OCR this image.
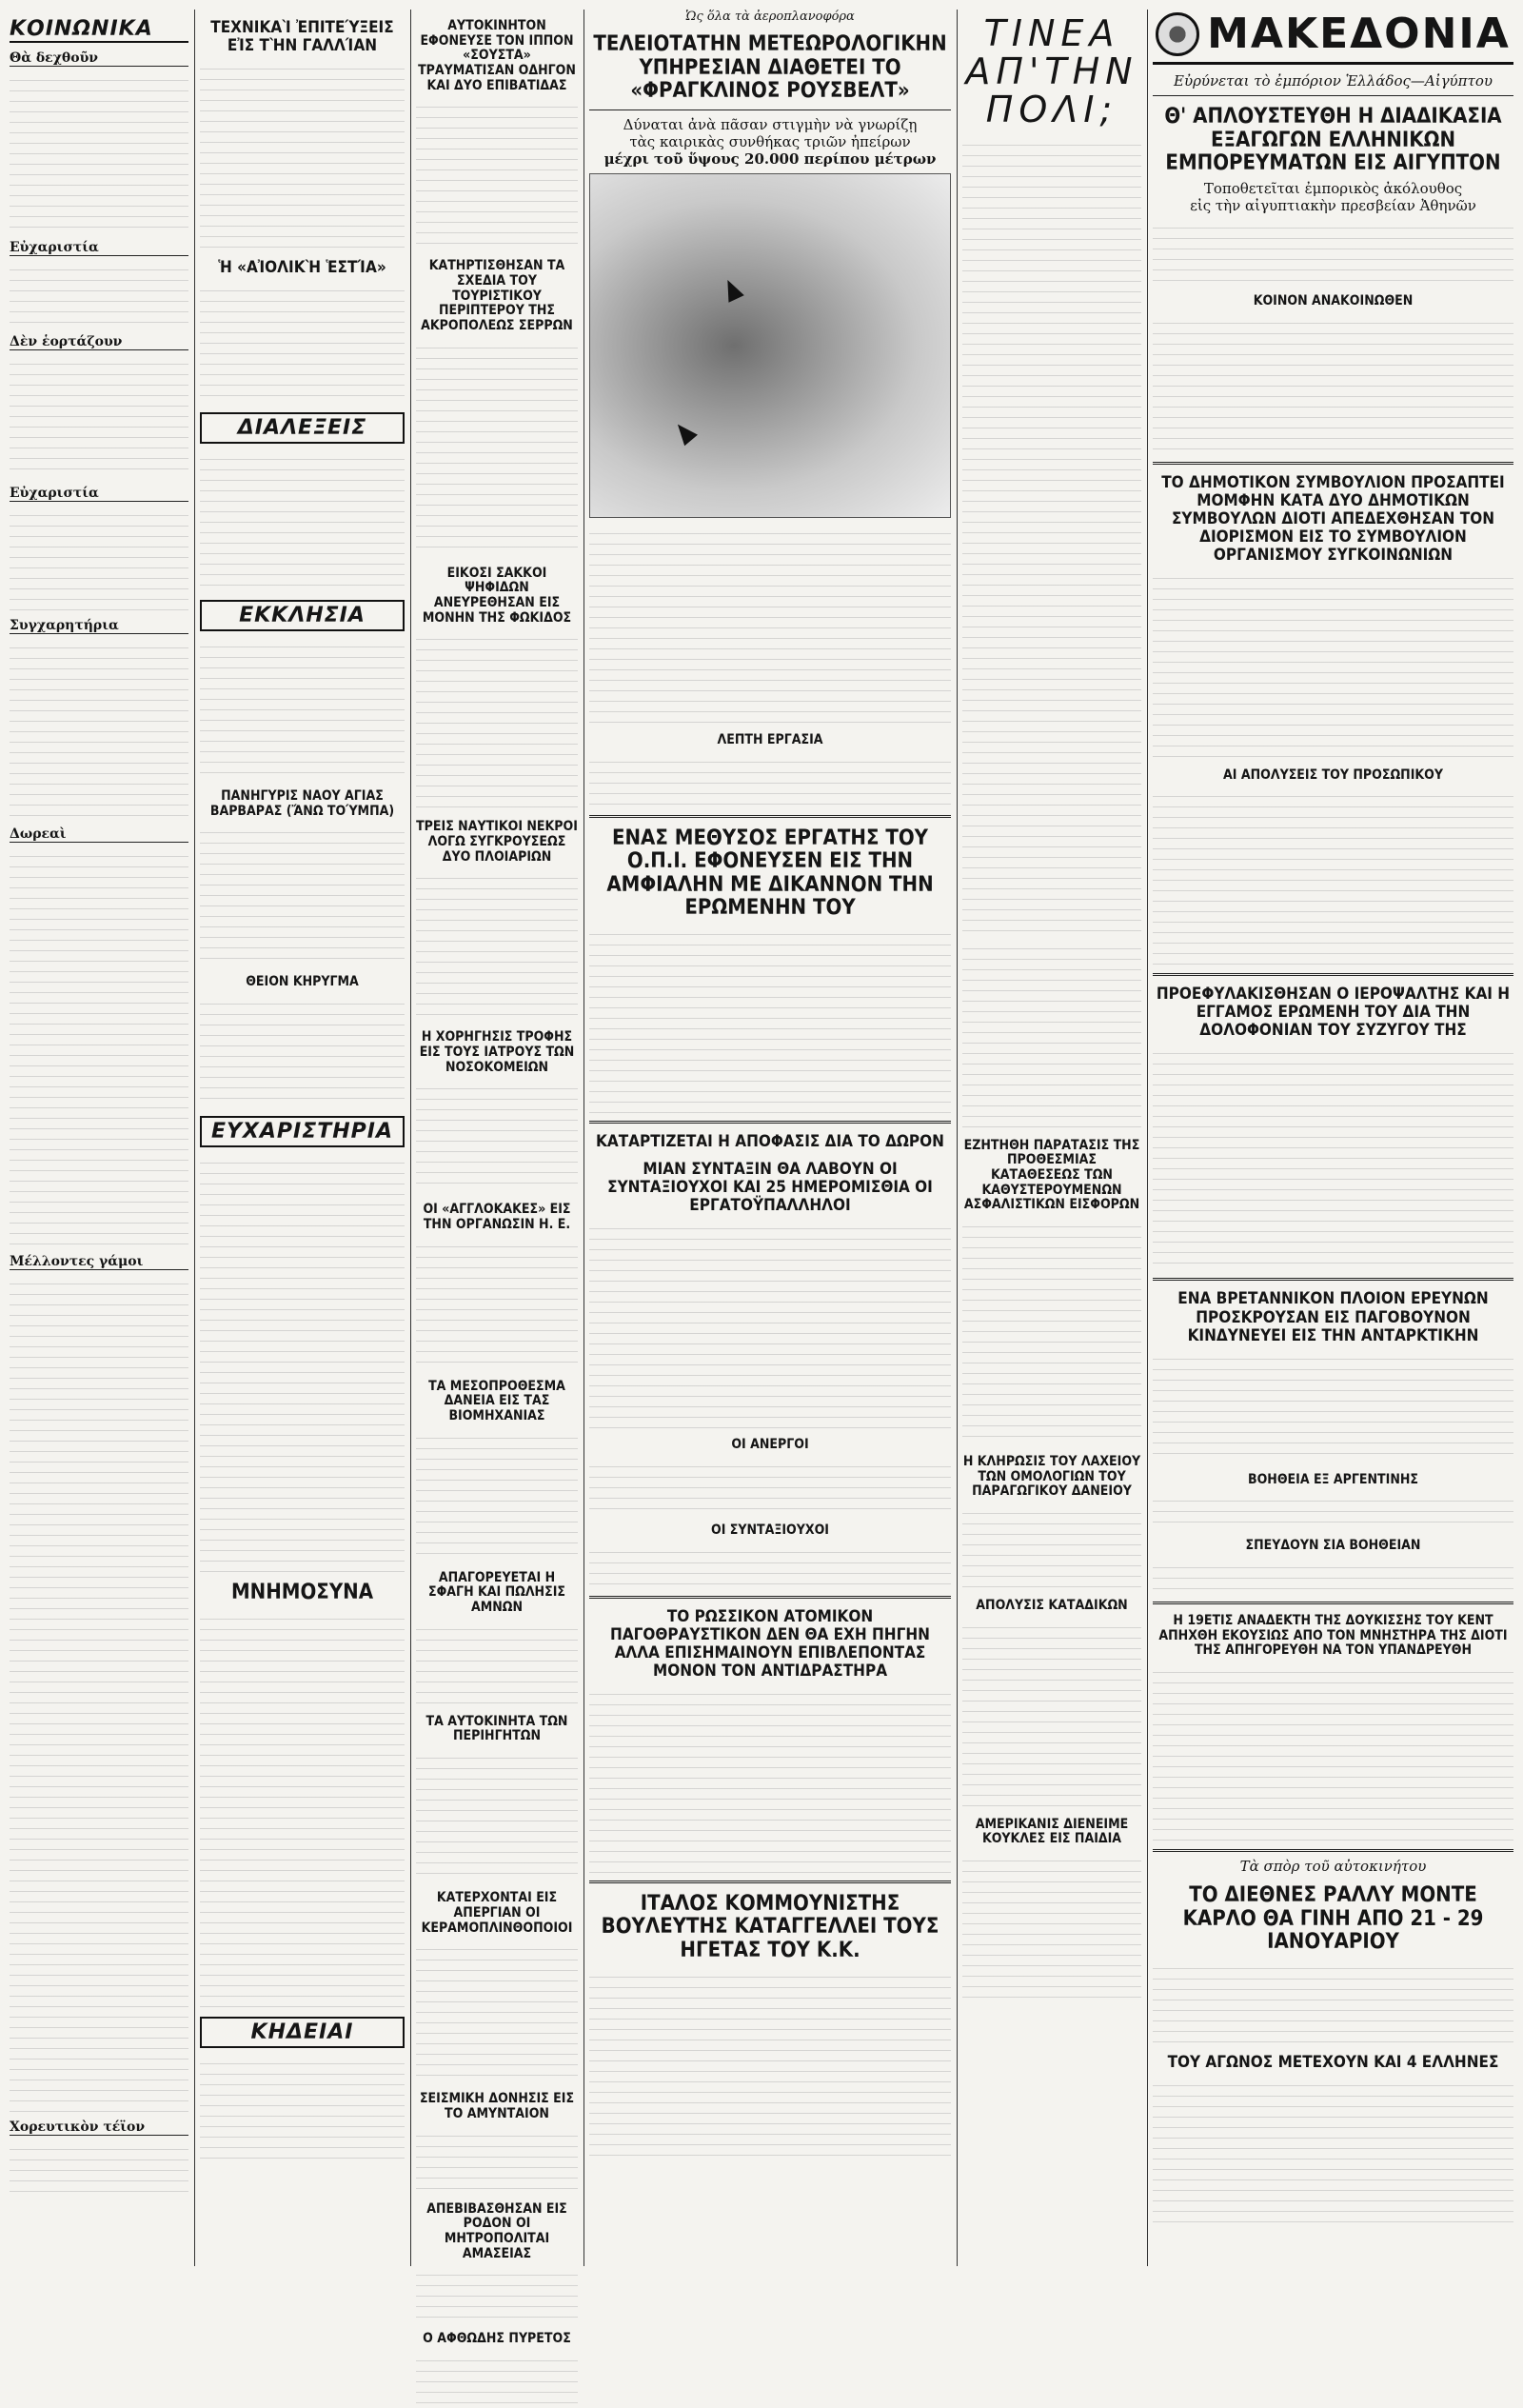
ΚΟΙΝΩΝΙΚΑ
Θὰ δεχθοῦν
Εὐχαριστία
Δὲν ἑορτάζουν
Εὐχαριστία
Συγχαρητήρια
Δωρεαὶ
Μέλλοντες γάμοι
Χορευτικὸν τέϊον
ΤΕΧΝΙΚΑῚ ἘΠΙΤΕΎΞΕΙΣ ΕἸΣ ΤῊΝ ΓΑΛΛΊΑΝ
Ἡ «ΑἸΟΛΙΚῊ ἙΣΤΊΑ»
ΔΙΑΛΕΞΕΙΣ
ΕΚΚΛΗΣΙΑ
ΠΑΝΗΓΥΡΙΣ ΝΑΟΥ ΑΓΙΑΣ ΒΑΡΒΑΡΑΣ (ἌΝΩ ΤΟΎΜΠΑ)
ΘΕΙΟΝ ΚΗΡΥΓΜΑ
ΕΥΧΑΡΙΣΤΗΡΙΑ
ΜΝΗΜΟΣΥΝΑ
ΚΗΔΕΙΑΙ
ΑΥΤΟΚΙΝΗΤΟΝ ΕΦΟΝΕΥΣΕ ΤΟΝ ΙΠΠΟΝ «ΣΟΥΣΤΑ» ΤΡΑΥΜΑΤΙΣΑΝ ΟΔΗΓΟΝ ΚΑΙ ΔΥΟ ΕΠΙΒΑΤΙΔΑΣ
ΚΑΤΗΡΤΙΣΘΗΣΑΝ ΤΑ ΣΧΕΔΙΑ ΤΟΥ ΤΟΥΡΙΣΤΙΚΟΥ ΠΕΡΙΠΤΕΡΟΥ ΤΗΣ ΑΚΡΟΠΟΛΕΩΣ ΣΕΡΡΩΝ
ΕΙΚΟΣΙ ΣΑΚΚΟΙ ΨΗΦΙΔΩΝ ΑΝΕΥΡΕΘΗΣΑΝ ΕΙΣ ΜΟΝΗΝ ΤΗΣ ΦΩΚΙΔΟΣ
ΤΡΕΙΣ ΝΑΥΤΙΚΟΙ ΝΕΚΡΟΙ ΛΟΓΩ ΣΥΓΚΡΟΥΣΕΩΣ ΔΥΟ ΠΛΟΙΑΡΙΩΝ
Η ΧΟΡΗΓΗΣΙΣ ΤΡΟΦΗΣ ΕΙΣ ΤΟΥΣ ΙΑΤΡΟΥΣ ΤΩΝ ΝΟΣΟΚΟΜΕΙΩΝ
ΟΙ «ΑΓΓΛΟΚΑΚΕΣ» ΕΙΣ ΤΗΝ ΟΡΓΑΝΩΣΙΝ Η. Ε.
ΤΑ ΜΕΣΟΠΡΟΘΕΣΜΑ ΔΑΝΕΙΑ ΕΙΣ ΤΑΣ ΒΙΟΜΗΧΑΝΙΑΣ
ΑΠΑΓΟΡΕΥΕΤΑΙ Η ΣΦΑΓΗ ΚΑΙ ΠΩΛΗΣΙΣ ΑΜΝΩΝ
ΤΑ ΑΥΤΟΚΙΝΗΤΑ ΤΩΝ ΠΕΡΙΗΓΗΤΩΝ
ΚΑΤΕΡΧΟΝΤΑΙ ΕΙΣ ΑΠΕΡΓΙΑΝ ΟΙ ΚΕΡΑΜΟΠΛΙΝΘΟΠΟΙΟΙ
ΣΕΙΣΜΙΚΗ ΔΟΝΗΣΙΣ ΕΙΣ ΤΟ ΑΜΥΝΤΑΙΟΝ
ΑΠΕΒΙΒΑΣΘΗΣΑΝ ΕΙΣ ΡΟΔΟΝ ΟΙ ΜΗΤΡΟΠΟΛΙΤΑΙ ΑΜΑΣΕΙΑΣ
Ο ΑΦΘΩΔΗΣ ΠΥΡΕΤΟΣ
Ὡς ὅλα τὰ ἀεροπλανοφόρα
ΤΕΛΕΙΟΤΑΤΗΝ ΜΕΤΕΩΡΟΛΟΓΙΚΗΝ ΥΠΗΡΕΣΙΑΝ ΔΙΑΘΕΤΕΙ ΤΟ «ΦΡΑΓΚΛΙΝΟΣ ΡΟΥΣΒΕΛΤ»
Δύναται ἀνὰ πᾶσαν στιγμὴν νὰ γνωρίζῃ
τὰς καιρικὰς συνθήκας τριῶν ἠπείρων
μέχρι τοῦ ὕψους 20.000 περίπου μέτρων
ΛΕΠΤΗ ΕΡΓΑΣΙΑ
ΕΝΑΣ ΜΕΘΥΣΟΣ ΕΡΓΑΤΗΣ ΤΟΥ Ο.Π.Ι. ΕΦΟΝΕΥΣΕΝ ΕΙΣ ΤΗΝ ΑΜΦΙΑΛΗΝ ΜΕ ΔΙΚΑΝΝΟΝ ΤΗΝ ΕΡΩΜΕΝΗΝ ΤΟΥ
ΚΑΤΑΡΤΙΖΕΤΑΙ Η ΑΠΟΦΑΣΙΣ ΔΙΑ ΤΟ ΔΩΡΟΝ
ΜΙΑΝ ΣΥΝΤΑΞΙΝ ΘΑ ΛΑΒΟΥΝ ΟΙ ΣΥΝΤΑΞΙΟΥΧΟΙ ΚΑΙ 25 ΗΜΕΡΟΜΙΣΘΙΑ ΟΙ ΕΡΓΑΤΟΫΠΑΛΛΗΛΟΙ
ΟΙ ΑΝΕΡΓΟΙ
ΟΙ ΣΥΝΤΑΞΙΟΥΧΟΙ
ΤΟ ΡΩΣΣΙΚΟΝ ΑΤΟΜΙΚΟΝ ΠΑΓΟΘΡΑΥΣΤΙΚΟΝ ΔΕΝ ΘΑ ΕΧΗ ΠΗΓΗΝ ΑΛΛΑ ΕΠΙΣΗΜΑΙΝΟΥΝ ΕΠΙΒΛΕΠΟΝΤΑΣ ΜΟΝΟΝ ΤΟΝ ΑΝΤΙΔΡΑΣΤΗΡΑ
ΙΤΑΛΟΣ ΚΟΜΜΟΥΝΙΣΤΗΣ ΒΟΥΛΕΥΤΗΣ ΚΑΤΑΓΓΕΛΛΕΙ ΤΟΥΣ ΗΓΕΤΑΣ ΤΟΥ Κ.Κ.
ΤΙΝΕΑ ΑΠ'ΤΗΝ ΠΟΛΙ;
ΕΖΗΤΗΘΗ ΠΑΡΑΤΑΣΙΣ ΤΗΣ ΠΡΟΘΕΣΜΙΑΣ ΚΑΤΑΘΕΣΕΩΣ ΤΩΝ ΚΑΘΥΣΤΕΡΟΥΜΕΝΩΝ ΑΣΦΑΛΙΣΤΙΚΩΝ ΕΙΣΦΟΡΩΝ
Η ΚΛΗΡΩΣΙΣ ΤΟΥ ΛΑΧΕΙΟΥ ΤΩΝ ΟΜΟΛΟΓΙΩΝ ΤΟΥ ΠΑΡΑΓΩΓΙΚΟΥ ΔΑΝΕΙΟΥ
ΑΠΟΛΥΣΙΣ ΚΑΤΑΔΙΚΩΝ
ΑΜΕΡΙΚΑΝΙΣ ΔΙΕΝΕΙΜΕ ΚΟΥΚΛΕΣ ΕΙΣ ΠΑΙΔΙΑ
ΜΑΚΕΔΟΝΙΑ
Εὐρύνεται τὸ ἐμπόριον Ἑλλάδος—Αἰγύπτου
Θ' ΑΠΛΟΥΣΤΕΥΘΗ Η ΔΙΑΔΙΚΑΣΙΑ ΕΞΑΓΩΓΩΝ ΕΛΛΗΝΙΚΩΝ ΕΜΠΟΡΕΥΜΑΤΩΝ ΕΙΣ ΑΙΓΥΠΤΟΝ
Τοποθετεῖται ἐμπορικὸς ἀκόλουθος
εἰς τὴν αἰγυπτιακὴν πρεσβείαν Ἀθηνῶν
ΚΟΙΝΟΝ ΑΝΑΚΟΙΝΩΘΕΝ
ΤΟ ΔΗΜΟΤΙΚΟΝ ΣΥΜΒΟΥΛΙΟΝ ΠΡΟΣΑΠΤΕΙ ΜΟΜΦΗΝ ΚΑΤΑ ΔΥΟ ΔΗΜΟΤΙΚΩΝ ΣΥΜΒΟΥΛΩΝ ΔΙΟΤΙ ΑΠΕΔΕΧΘΗΣΑΝ ΤΟΝ ΔΙΟΡΙΣΜΟΝ ΕΙΣ ΤΟ ΣΥΜΒΟΥΛΙΟΝ ΟΡΓΑΝΙΣΜΟΥ ΣΥΓΚΟΙΝΩΝΙΩΝ
ΑΙ ΑΠΟΛΥΣΕΙΣ ΤΟΥ ΠΡΟΣΩΠΙΚΟΥ
ΠΡΟΕΦΥΛΑΚΙΣΘΗΣΑΝ Ο ΙΕΡΟΨΑΛΤΗΣ ΚΑΙ Η ΕΓΓΑΜΟΣ ΕΡΩΜΕΝΗ ΤΟΥ ΔΙΑ ΤΗΝ ΔΟΛΟΦΟΝΙΑΝ ΤΟΥ ΣΥΖΥΓΟΥ ΤΗΣ
ΕΝΑ ΒΡΕΤΑΝΝΙΚΟΝ ΠΛΟΙΟΝ ΕΡΕΥΝΩΝ ΠΡΟΣΚΡΟΥΣΑΝ ΕΙΣ ΠΑΓΟΒΟΥΝΟΝ ΚΙΝΔΥΝΕΥΕΙ ΕΙΣ ΤΗΝ ΑΝΤΑΡΚΤΙΚΗΝ
ΒΟΗΘΕΙΑ ΕΞ ΑΡΓΕΝΤΙΝΗΣ
ΣΠΕΥΔΟΥΝ ΣΙΑ ΒΟΗΘΕΙΑΝ
Η 19ΕΤΙΣ ΑΝΑΔΕΚΤΗ ΤΗΣ ΔΟΥΚΙΣΣΗΣ ΤΟΥ ΚΕΝΤ ΑΠΗΧΘΗ ΕΚΟΥΣΙΩΣ ΑΠΟ ΤΟΝ ΜΝΗΣΤΗΡΑ ΤΗΣ ΔΙΟΤΙ ΤΗΣ ΑΠΗΓΟΡΕΥΘΗ ΝΑ ΤΟΝ ΥΠΑΝΔΡΕΥΘΗ
Τὰ σπὸρ τοῦ αὐτοκινήτου
ΤΟ ΔΙΕΘΝΕΣ ΡΑΛΛΥ ΜΟΝΤΕ ΚΑΡΛΟ ΘΑ ΓΙΝΗ ΑΠΟ 21 - 29 ΙΑΝΟΥΑΡΙΟΥ
ΤΟΥ ΑΓΩΝΟΣ ΜΕΤΕΧΟΥΝ ΚΑΙ 4 ΕΛΛΗΝΕΣ
